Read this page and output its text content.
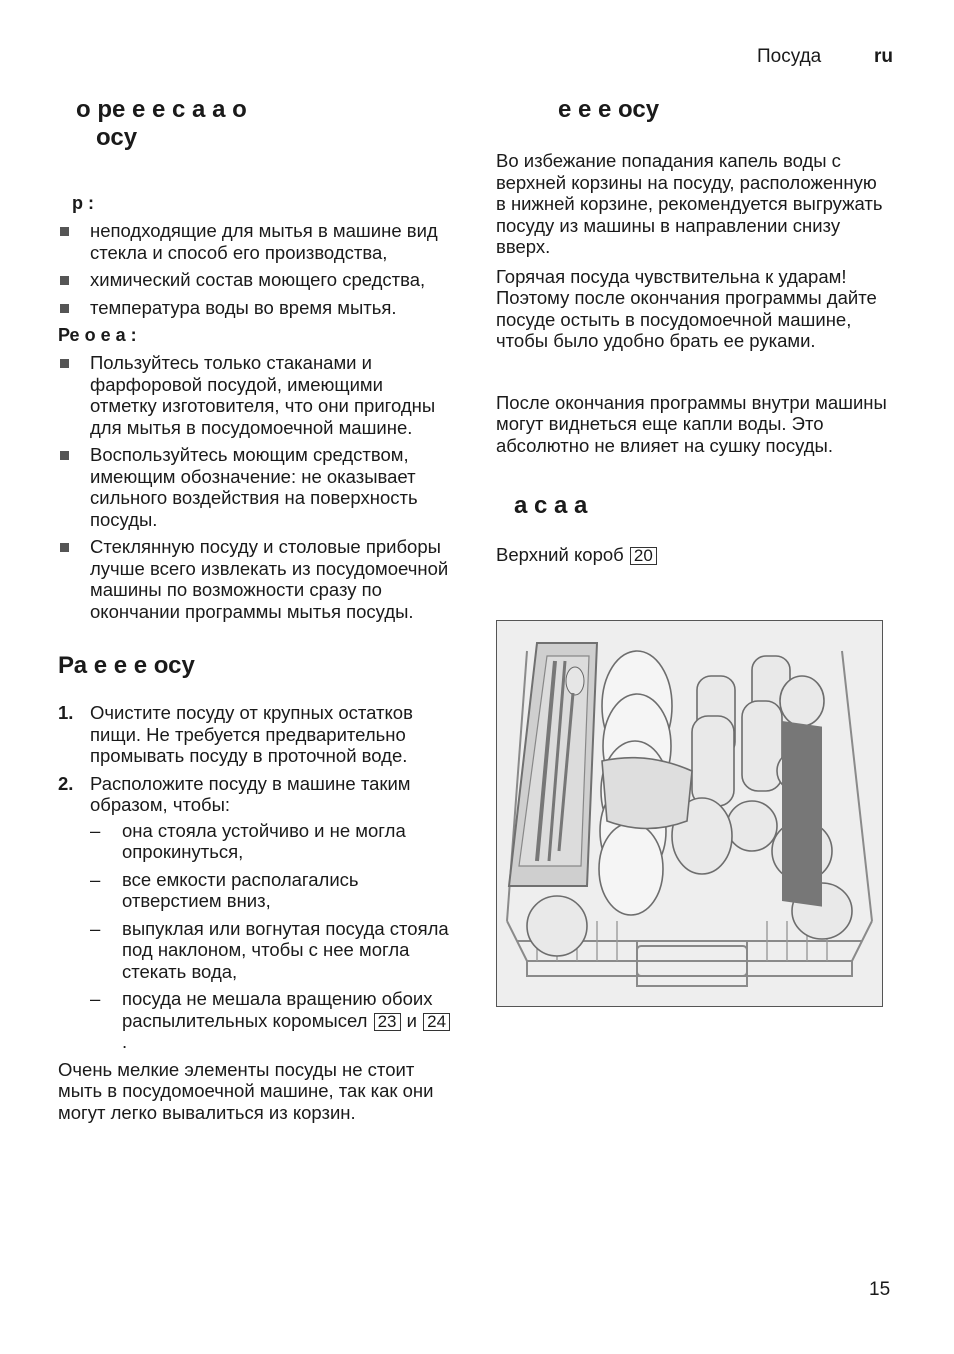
Посуда	ru
о ре е е с а а о
осу
р :
неподходящие для мытья в машине вид стекла и способ его производства,
химический состав моющего средства,
температура воды во время мытья.
Ре о е а :
Пользуйтесь только стаканами и фарфоровой посудой, имеющими отметку изготовителя, что они пригодны для мытья в посудомоечной машине.
Воспользуйтесь моющим средством, имеющим обозначение: не оказывает сильного воздействия на поверхность посуды.
Стеклянную посуду и столовые приборы лучше всего извлекать из посудомоечной машины по возможности сразу по окончании программы мытья посуды.
Ра е е е осу
1. Очистите посуду от крупных остатков пищи. Не требуется предварительно промывать посуду в проточной воде.
2. Расположите посуду в машине таким образом, чтобы:
– она стояла устойчиво и не могла опрокинуться,
– все емкости располагались отверстием вниз,
– выпуклая или вогнутая посуда стояла под наклоном, чтобы с нее могла стекать вода,
– посуда не мешала вращению обоих распылительных коромысел 23 и 24.

Очень мелкие элементы посуды не стоит мыть в посудомоечной машине, так как они могут легко вывалиться из корзин.

е е е осу

Во избежание попадания капель воды с верхней корзины на посуду, расположенную в нижней корзине, рекомендуется выгружать посуду из машины в направлении снизу вверх.

Горячая посуда чувствительна к ударам! Поэтому после окончания программы дайте посуде остыть в посудомоечной машине, чтобы было удобно брать ее руками.

После окончания программы внутри машины могут виднеться еще капли воды. Это абсолютно не влияет на сушку посуды.

а с а а

Верхний короб 20

15
